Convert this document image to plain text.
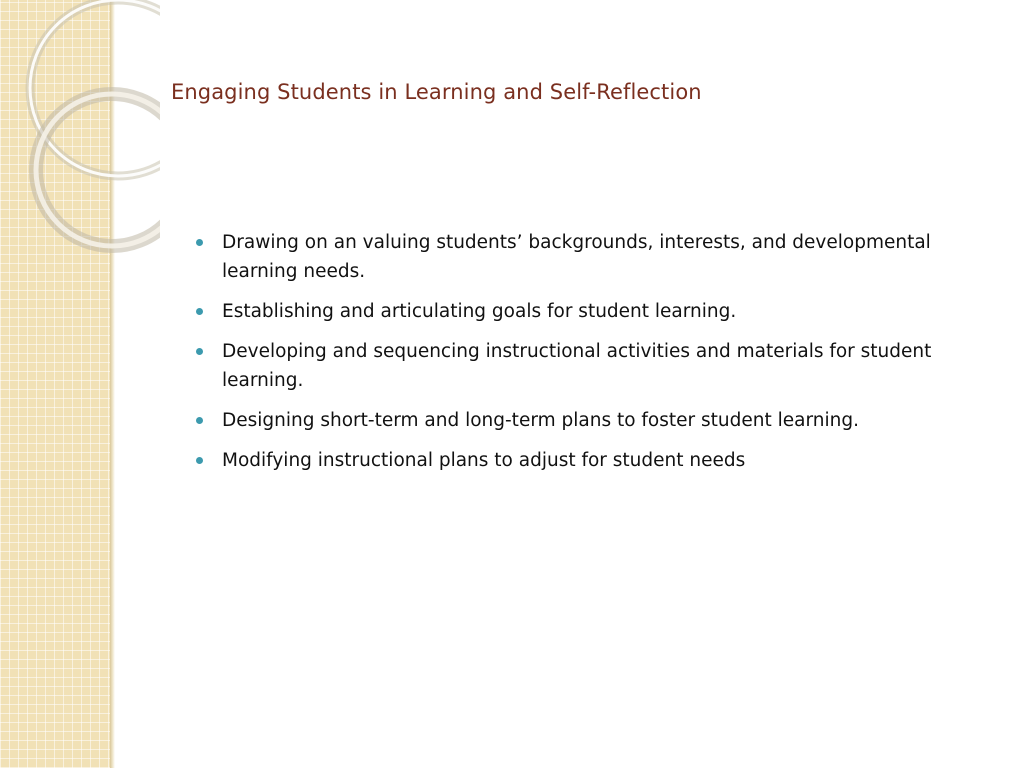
Engaging Students in Learning and Self-Reflection
Drawing on an valuing students’ backgrounds, interests, and developmental learning needs.
Establishing and articulating goals for student learning.
Developing and sequencing instructional activities and materials for student learning.
Designing short-term and long-term plans to foster student learning.
Modifying instructional plans to adjust for student needs
